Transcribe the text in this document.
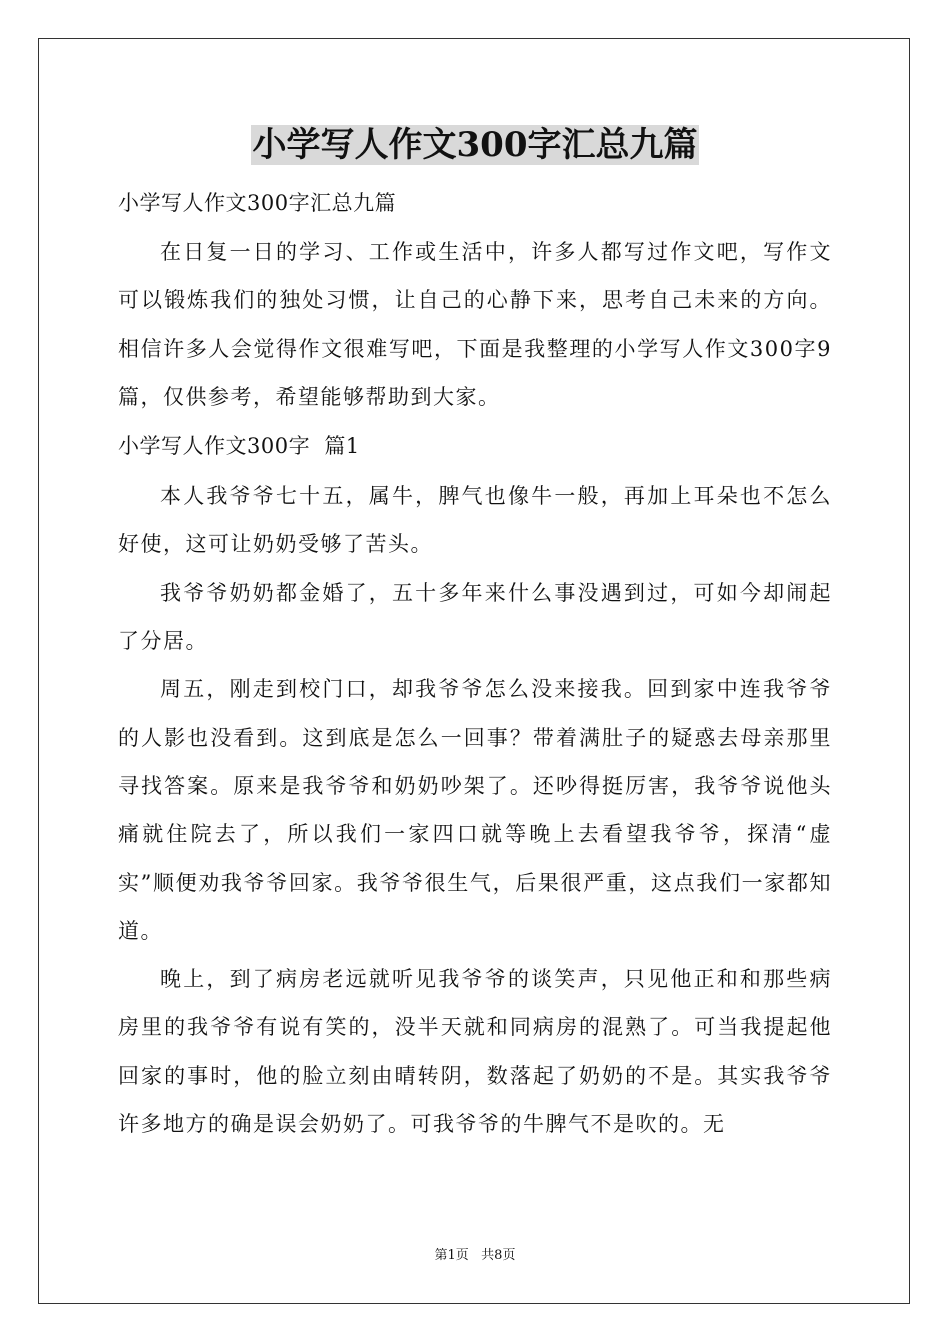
小学写人作文300字汇总九篇

小学写人作文300字汇总九篇

在日复一日的学习、工作或生活中，许多人都写过作文吧，写作文可以锻炼我们的独处习惯，让自己的心静下来，思考自己未来的方向。相信许多人会觉得作文很难写吧，下面是我整理的小学写人作文300字9篇，仅供参考，希望能够帮助到大家。

小学写人作文300字  篇1

本人我爷爷七十五，属牛，脾气也像牛一般，再加上耳朵也不怎么好使，这可让奶奶受够了苦头。

我爷爷奶奶都金婚了，五十多年来什么事没遇到过，可如今却闹起了分居。

周五，刚走到校门口，却我爷爷怎么没来接我。回到家中连我爷爷的人影也没看到。这到底是怎么一回事？带着满肚子的疑惑去母亲那里寻找答案。原来是我爷爷和奶奶吵架了。还吵得挺厉害，我爷爷说他头痛就住院去了，所以我们一家四口就等晚上去看望我爷爷，探清“虚实”顺便劝我爷爷回家。我爷爷很生气，后果很严重，这点我们一家都知道。

晚上，到了病房老远就听见我爷爷的谈笑声，只见他正和和那些病房里的我爷爷有说有笑的，没半天就和同病房的混熟了。可当我提起他回家的事时，他的脸立刻由晴转阴，数落起了奶奶的不是。其实我爷爷许多地方的确是误会奶奶了。可我爷爷的牛脾气不是吹的。无

第1页   共8页
